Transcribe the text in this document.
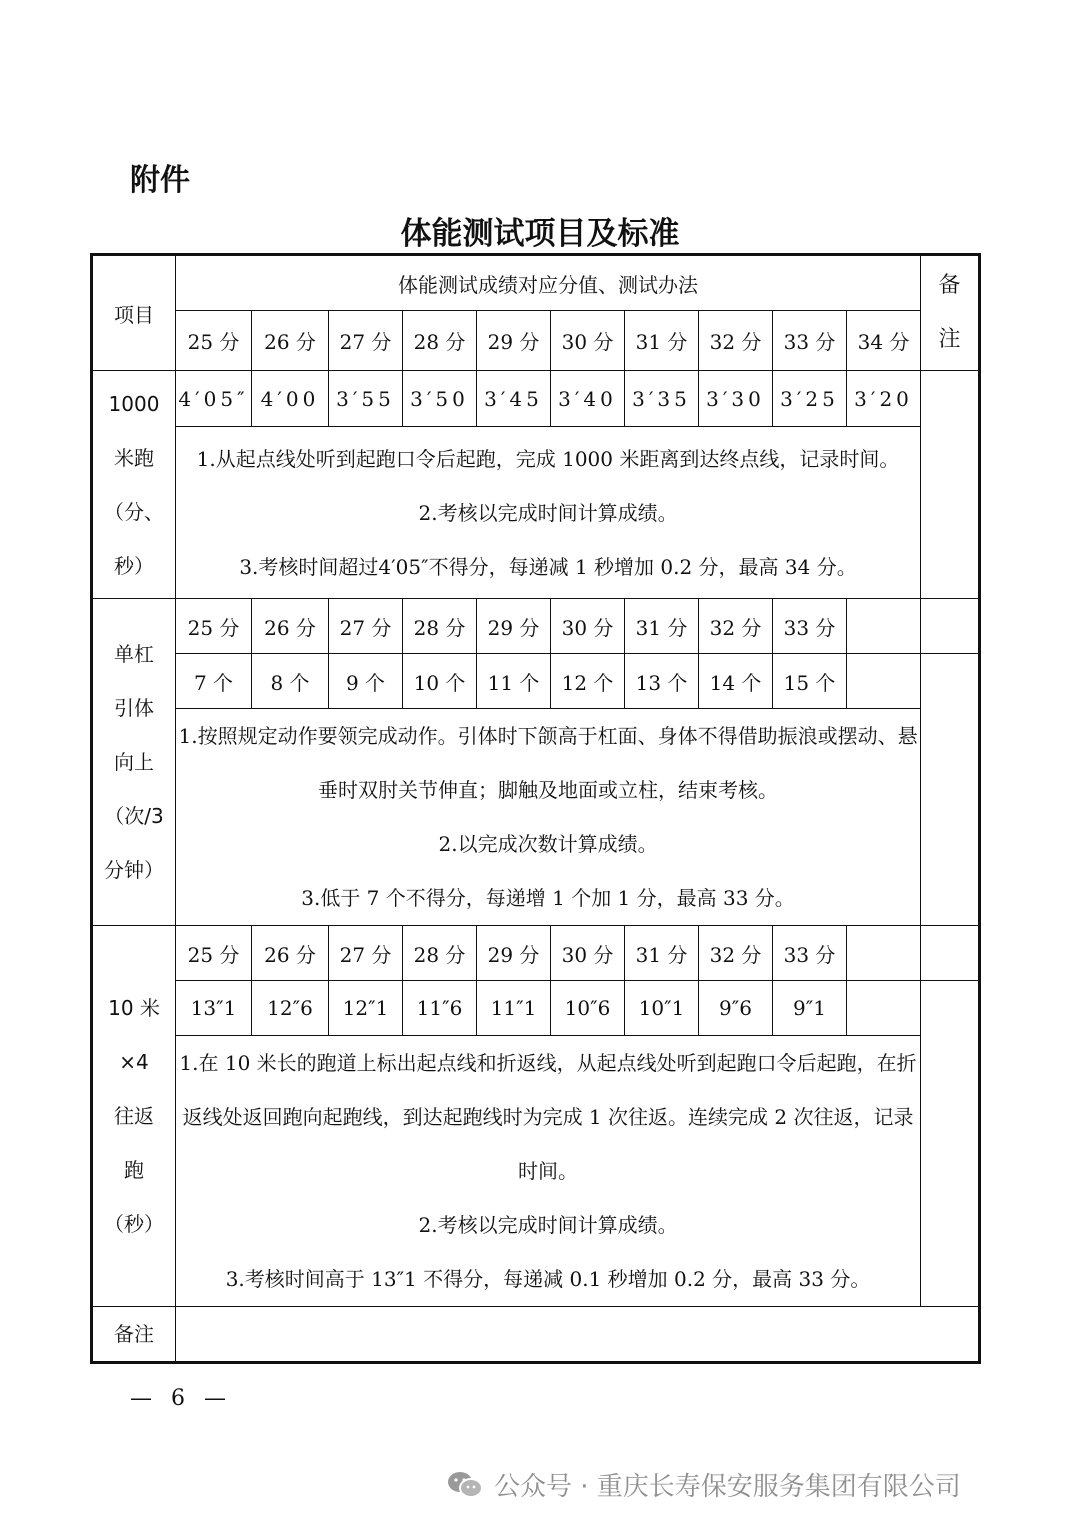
附件
体能测试项目及标准
项目	体能测试成绩对应分值、测试办法										备
注

	25 分	26 分	27 分	28 分	29 分	30 分	31 分	32 分	33 分	34 分	

1000
米跑
（分、
秒）	4′05″	4′00	3′55	3′50	3′45	3′40	3′35	3′30	3′25	3′20	

	1.从起点线处听到起跑口令后起跑，完成 1000 米距离到达终点线，记录时间。

2.考核以完成时间计算成绩。

3.考核时间超过4′05″不得分，每递减 1 秒增加 0.2 分，最高 34 分。										

单杠
引体
向上
（次/3
分钟）	25 分	26 分	27 分	28 分	29 分	30 分	31 分	32 分	33 分		
	7 个	8 个	9 个	10 个	11 个	12 个	13 个	14 个	15 个		

	1.按照规定动作要领完成动作。引体时下颌高于杠面、身体不得借助振浪或摆动、悬垂时双肘关节伸直；脚触及地面或立柱，结束考核。

2.以完成次数计算成绩。

3.低于 7 个不得分，每递增 1 个加 1 分，最高 33 分。										

10 米
×4
往返
跑
（秒）	25 分	26 分	27 分	28 分	29 分	30 分	31 分	32 分	33 分		
	13″1	12″6	12″1	11″6	11″1	10″6	10″1	9″6	9″1		

	1.在 10 米长的跑道上标出起点线和折返线，从起点线处听到起跑口令后起跑，在折返线处返回跑向起跑线，到达起跑线时为完成 1 次往返。连续完成 2 次往返，记录时间。

2.考核以完成时间计算成绩。

3.考核时间高于 13″1 不得分，每递减 0.1 秒增加 0.2 分，最高 33 分。										

备注											
— 6 —
公众号 · 重庆长寿保安服务集团有限公司
